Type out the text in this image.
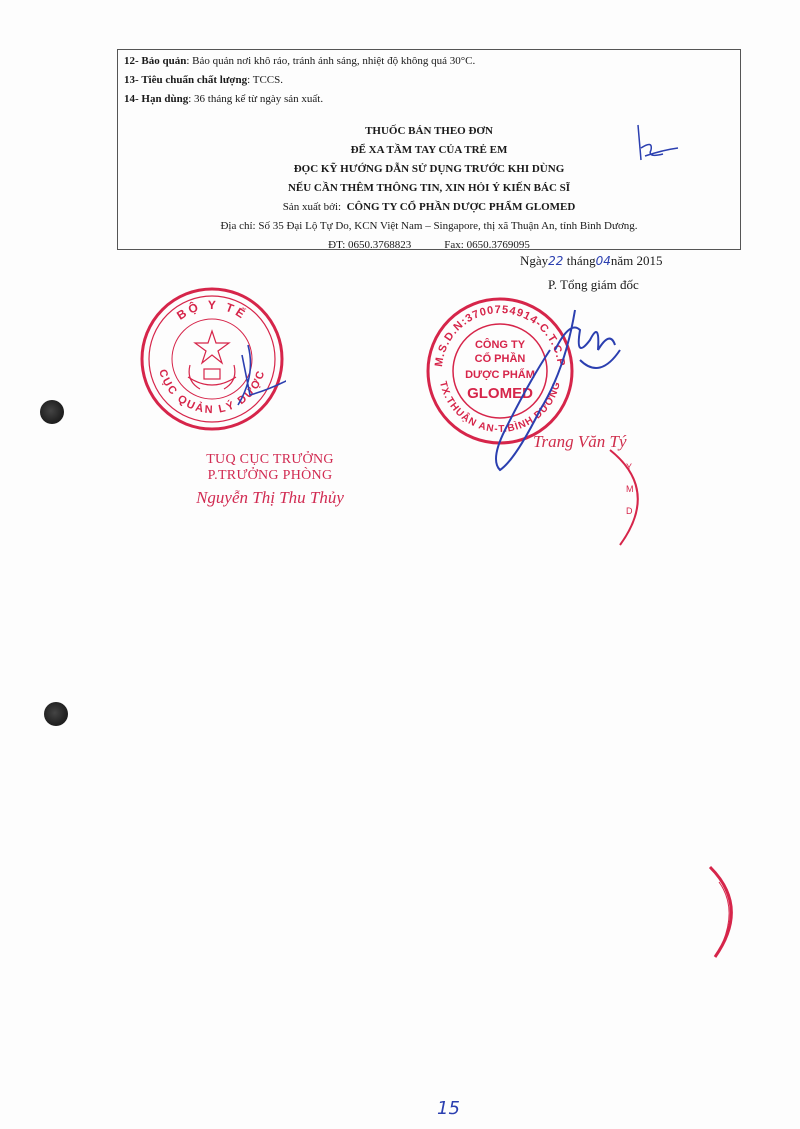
12- Bảo quản: Bảo quản nơi khô ráo, tránh ánh sáng, nhiệt độ không quá 30°C.
13- Tiêu chuẩn chất lượng: TCCS.
14- Hạn dùng: 36 tháng kể từ ngày sản xuất.
THUỐC BÁN THEO ĐƠN
ĐỂ XA TẦM TAY CỦA TRẺ EM
ĐỌC KỸ HƯỚNG DẪN SỬ DỤNG TRƯỚC KHI DÙNG
NẾU CẦN THÊM THÔNG TIN, XIN HỎI Ý KIẾN BÁC SĨ
Sản xuất bởi: CÔNG TY CỔ PHẦN DƯỢC PHẨM GLOMED
Địa chỉ: Số 35 Đại Lộ Tự Do, KCN Việt Nam – Singapore, thị xã Thuận An, tỉnh Bình Dương.
ĐT: 0650.3768823	Fax: 0650.3769095
Ngày22 tháng04năm 2015
P. Tổng giám đốc
BỘ Y TẾ
CỤC QUẢN LÝ DƯỢC
TUQ CỤC TRƯỞNG
P.TRƯỞNG PHÒNG
Nguyễn Thị Thu Thủy
M.S.D.N:3700754914-C.T.C.P
TX.THUẬN AN-T.BÌNH DƯƠNG
CÔNG TY
CỔ PHẦN
DƯỢC PHẨM
GLOMED
Trang Văn Tý
Y
M
D
15
